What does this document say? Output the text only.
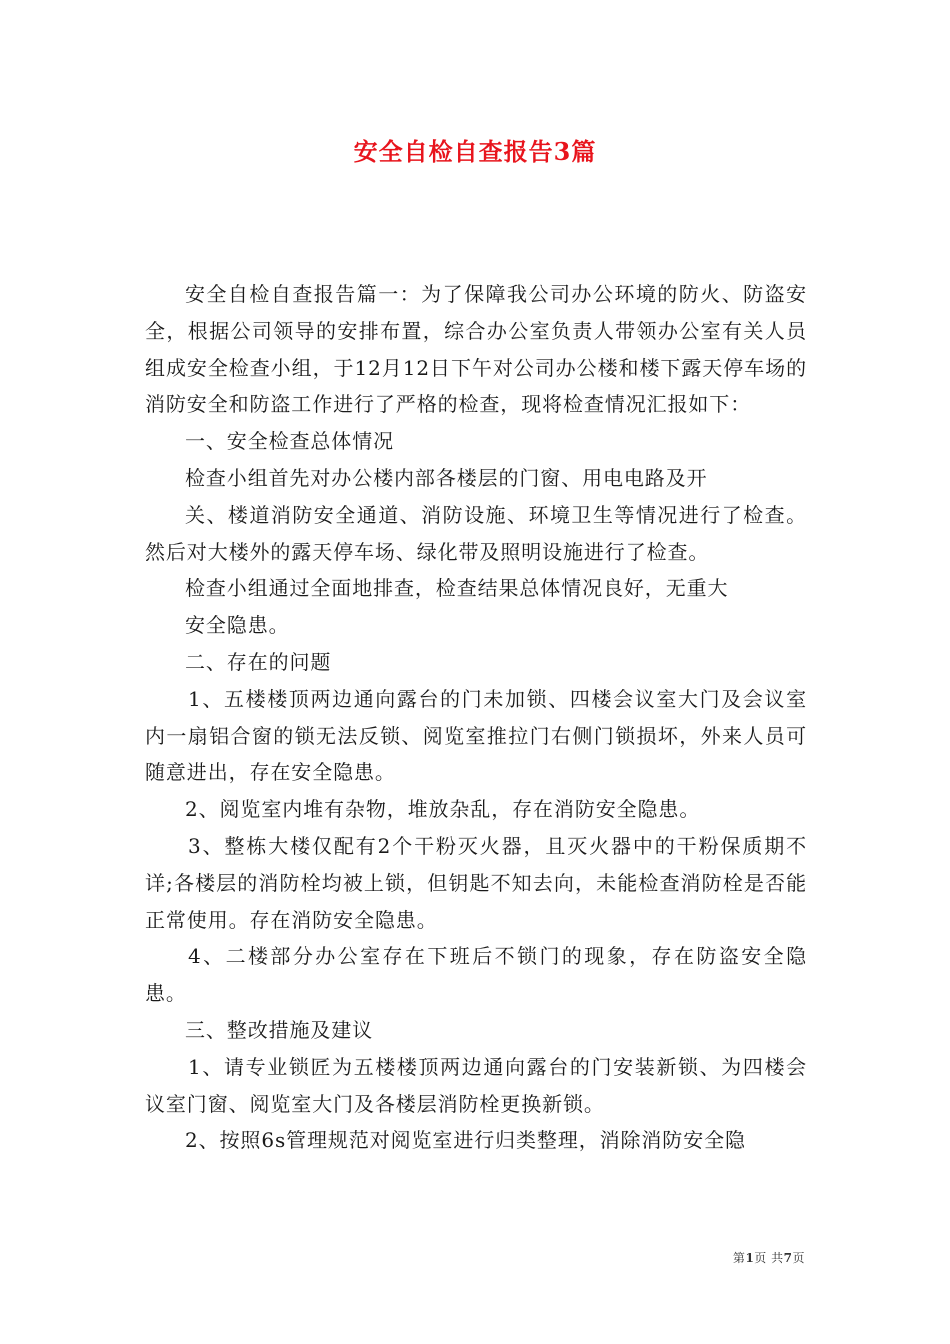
安全自检自查报告3篇

安全自检自查报告篇一：为了保障我公司办公环境的防火、防盗安全，根据公司领导的安排布置，综合办公室负责人带领办公室有关人员组成安全检查小组，于12月12日下午对公司办公楼和楼下露天停车场的消防安全和防盗工作进行了严格的检查，现将检查情况汇报如下：

一、安全检查总体情况

检查小组首先对办公楼内部各楼层的门窗、用电电路及开

关、楼道消防安全通道、消防设施、环境卫生等情况进行了检查。然后对大楼外的露天停车场、绿化带及照明设施进行了检查。

检查小组通过全面地排查，检查结果总体情况良好，无重大

安全隐患。

二、存在的问题

1、五楼楼顶两边通向露台的门未加锁、四楼会议室大门及会议室内一扇铝合窗的锁无法反锁、阅览室推拉门右侧门锁损坏，外来人员可随意进出，存在安全隐患。

2、阅览室内堆有杂物，堆放杂乱，存在消防安全隐患。

3、整栋大楼仅配有2个干粉灭火器，且灭火器中的干粉保质期不详;各楼层的消防栓均被上锁，但钥匙不知去向，未能检查消防栓是否能正常使用。存在消防安全隐患。

4、二楼部分办公室存在下班后不锁门的现象，存在防盗安全隐患。

三、整改措施及建议

1、请专业锁匠为五楼楼顶两边通向露台的门安装新锁、为四楼会议室门窗、阅览室大门及各楼层消防栓更换新锁。

2、按照6s管理规范对阅览室进行归类整理，消除消防安全隐

第1页 共7页
